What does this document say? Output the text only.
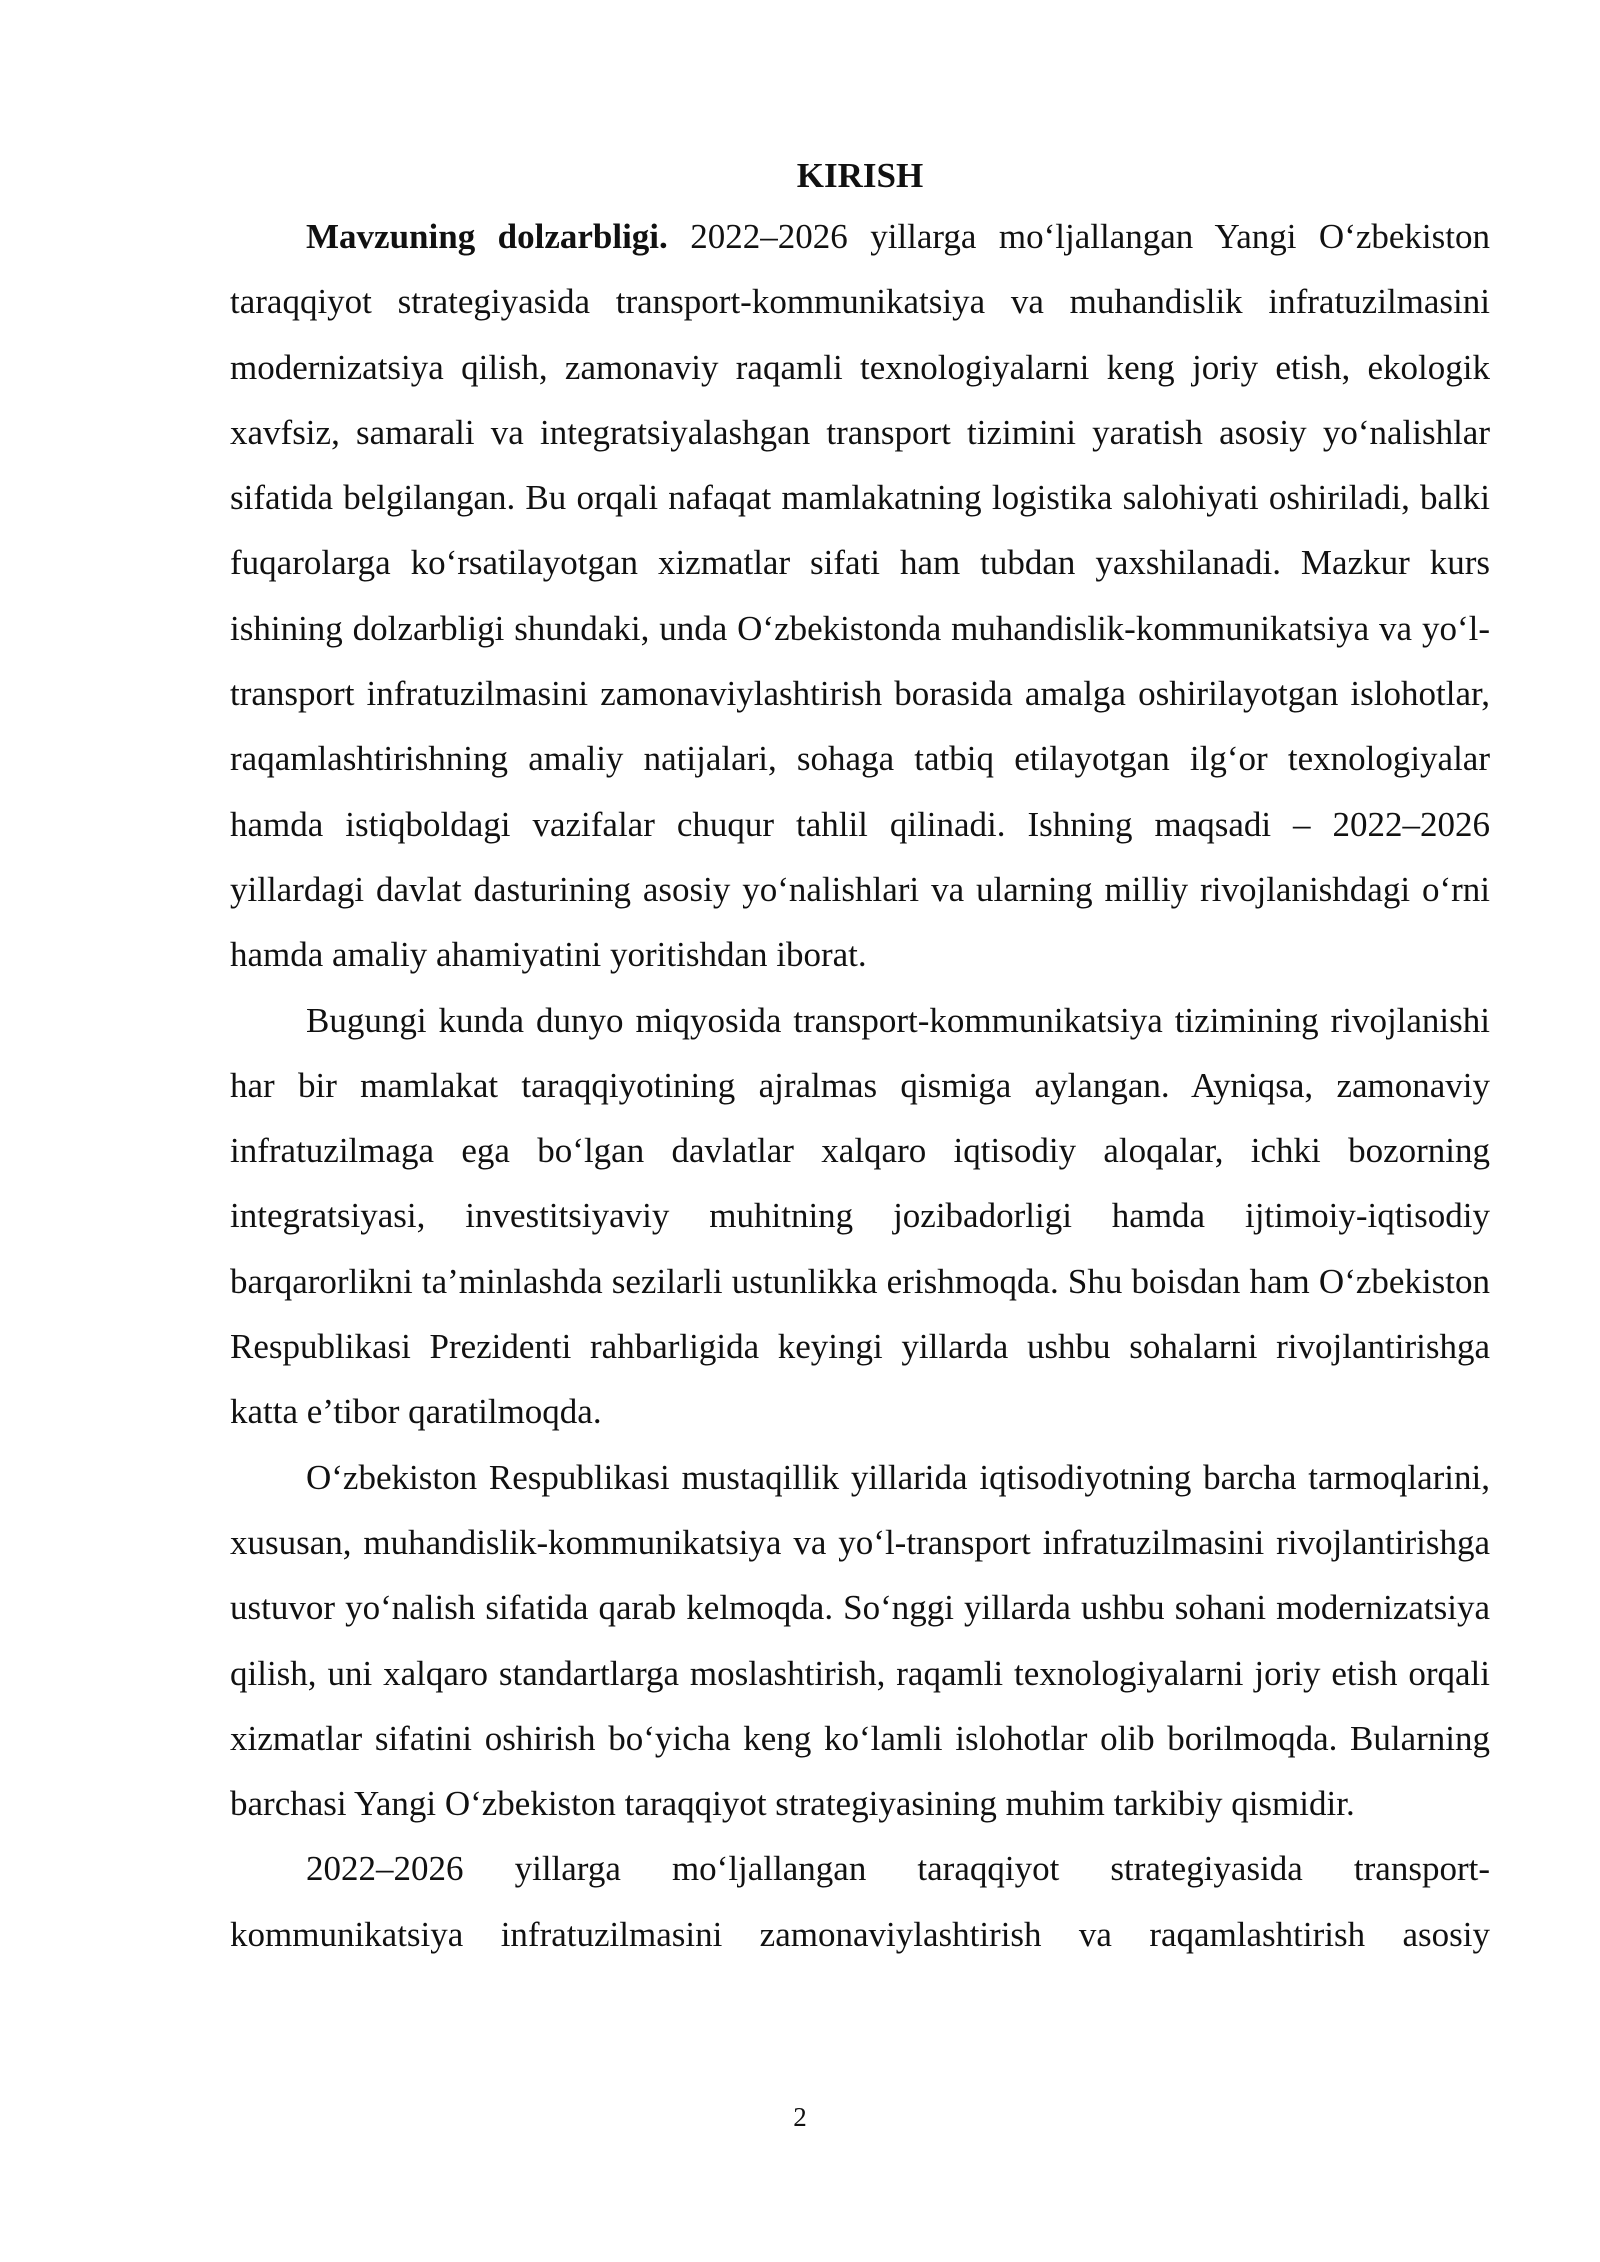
KIRISH

Mavzuning dolzarbligi. 2022–2026 yillarga moʻljallangan Yangi Oʻzbekiston taraqqiyot strategiyasida transport-kommunikatsiya va muhandislik infratuzilmasini modernizatsiya qilish, zamonaviy raqamli texnologiyalarni keng joriy etish, ekologik xavfsiz, samarali va integratsiyalashgan transport tizimini yaratish asosiy yoʻnalishlar sifatida belgilangan. Bu orqali nafaqat mamlakatning logistika salohiyati oshiriladi, balki fuqarolarga koʻrsatilayotgan xizmatlar sifati ham tubdan yaxshilanadi. Mazkur kurs ishining dolzarbligi shundaki, unda Oʻzbekistonda muhandislik-kommunikatsiya va yoʻl-transport infratuzilmasini zamonaviylashtirish borasida amalga oshirilayotgan islohotlar, raqamlashtirishning amaliy natijalari, sohaga tatbiq etilayotgan ilgʻor texnologiyalar hamda istiqboldagi vazifalar chuqur tahlil qilinadi. Ishning maqsadi – 2022–2026 yillardagi davlat dasturining asosiy yoʻnalishlari va ularning milliy rivojlanishdagi oʻrni hamda amaliy ahamiyatini yoritishdan iborat.

Bugungi kunda dunyo miqyosida transport-kommunikatsiya tizimining rivojlanishi har bir mamlakat taraqqiyotining ajralmas qismiga aylangan. Ayniqsa, zamonaviy infratuzilmaga ega boʻlgan davlatlar xalqaro iqtisodiy aloqalar, ichki bozorning integratsiyasi, investitsiyaviy muhitning jozibadorligi hamda ijtimoiy-iqtisodiy barqarorlikni ta’minlashda sezilarli ustunlikka erishmoqda. Shu boisdan ham Oʻzbekiston Respublikasi Prezidenti rahbarligida keyingi yillarda ushbu sohalarni rivojlantirishga katta e’tibor qaratilmoqda.

Oʻzbekiston Respublikasi mustaqillik yillarida iqtisodiyotning barcha tarmoqlarini, xususan, muhandislik-kommunikatsiya va yoʻl-transport infratuzilmasini rivojlantirishga ustuvor yoʻnalish sifatida qarab kelmoqda. Soʻnggi yillarda ushbu sohani modernizatsiya qilish, uni xalqaro standartlarga moslashtirish, raqamli texnologiyalarni joriy etish orqali xizmatlar sifatini oshirish boʻyicha keng koʻlamli islohotlar olib borilmoqda. Bularning barchasi Yangi Oʻzbekiston taraqqiyot strategiyasining muhim tarkibiy qismidir.

2022–2026 yillarga moʻljallangan taraqqiyot strategiyasida transport-kommunikatsiya infratuzilmasini zamonaviylashtirish va raqamlashtirish asosiy

2
